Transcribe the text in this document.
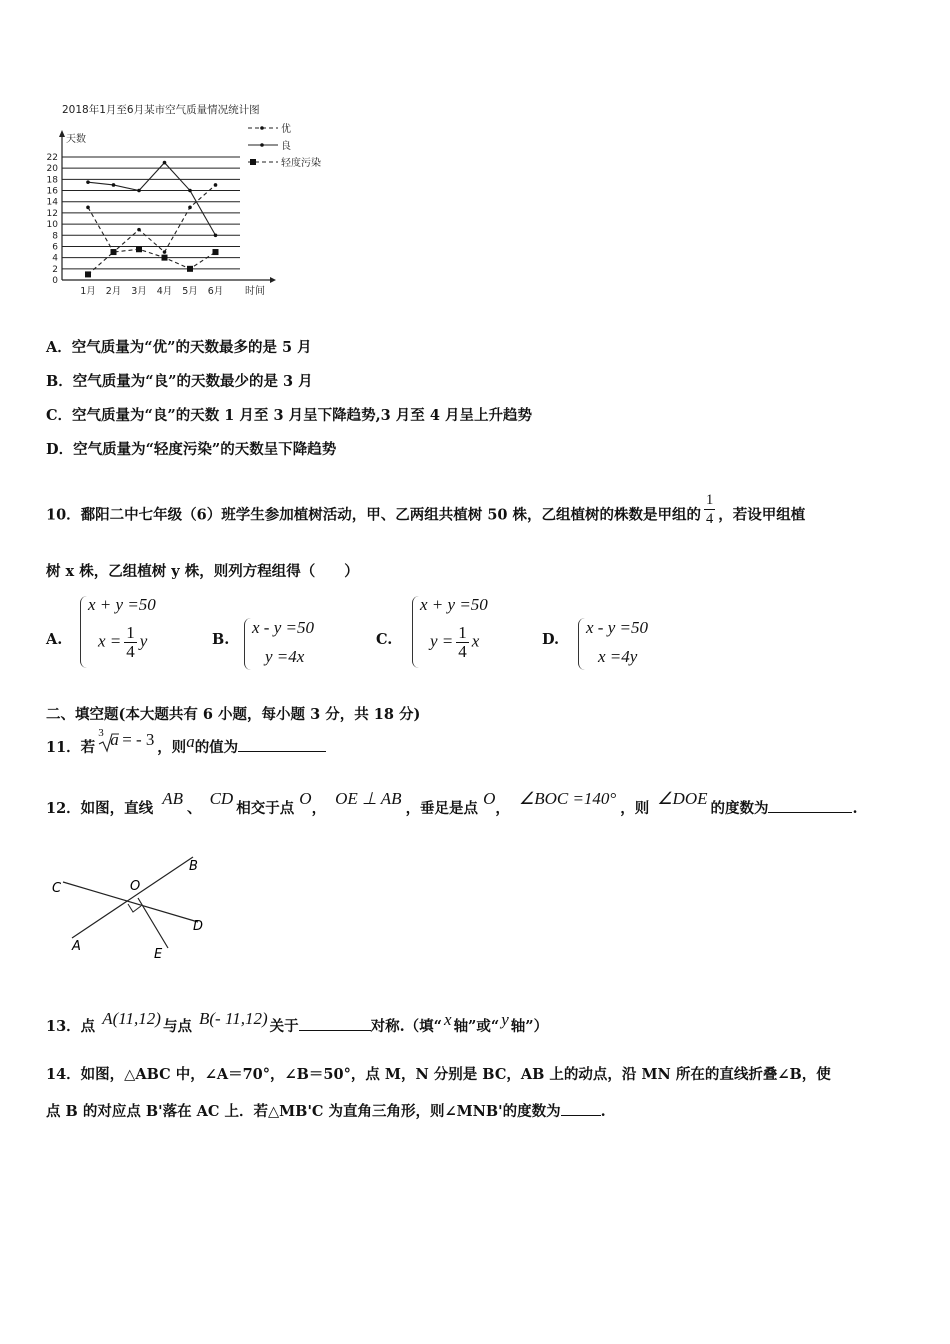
2018年1月至6月某市空气质量情况统计图
天数
时间
0
2
4
6
8
10
12
14
16
18
20
22
1月 2月 3月 4月 5月 6月
优
良
轻度污染
A．空气质量为“优”的天数最多的是 5 月
B．空气质量为“良”的天数最少的是 3 月
C．空气质量为“良”的天数 1 月至 3 月呈下降趋势,3 月至 4 月呈上升趋势
D．空气质量为“轻度污染”的天数呈下降趋势
10．鄱阳二中七年级（6）班学生参加植树活动，甲、乙两组共植树 50 株，乙组植树的株数是甲组的 $\frac{1}{4}$ ，若设甲组植
树 x 株，乙组植树 y 株，则列方程组得（　　）
A.
x + y =50
$x = \frac{1}{4}$ y	B.
x - y =50
y =4x
C.
x + y =50
$y = \frac{1}{4}$ x	D.
x - y =50
x =4y
二、填空题(本大题共有 6 小题，每小题 3 分，共 18 分)
11．若
3 a = - 3 ，则a的值为
12．如图，直线 AB、 CD相交于点 O， OE ⊥ AB，垂足是点 O， ∠BOC =140°，则 ∠DOE的度数为	.
C	O
B
D
A
E
13．点 A(11,12) 与点 B(- 11,12) 关于	对称.（填“ x 轴”或“ y 轴”）
14．如图，△ABC 中，∠A＝70°，∠B＝50°，点 M，N 分别是 BC，AB 上的动点，沿 MN 所在的直线折叠∠B，使
点 B 的对应点 B'落在 AC 上．若△MB'C 为直角三角形，则∠MNB'的度数为	.
